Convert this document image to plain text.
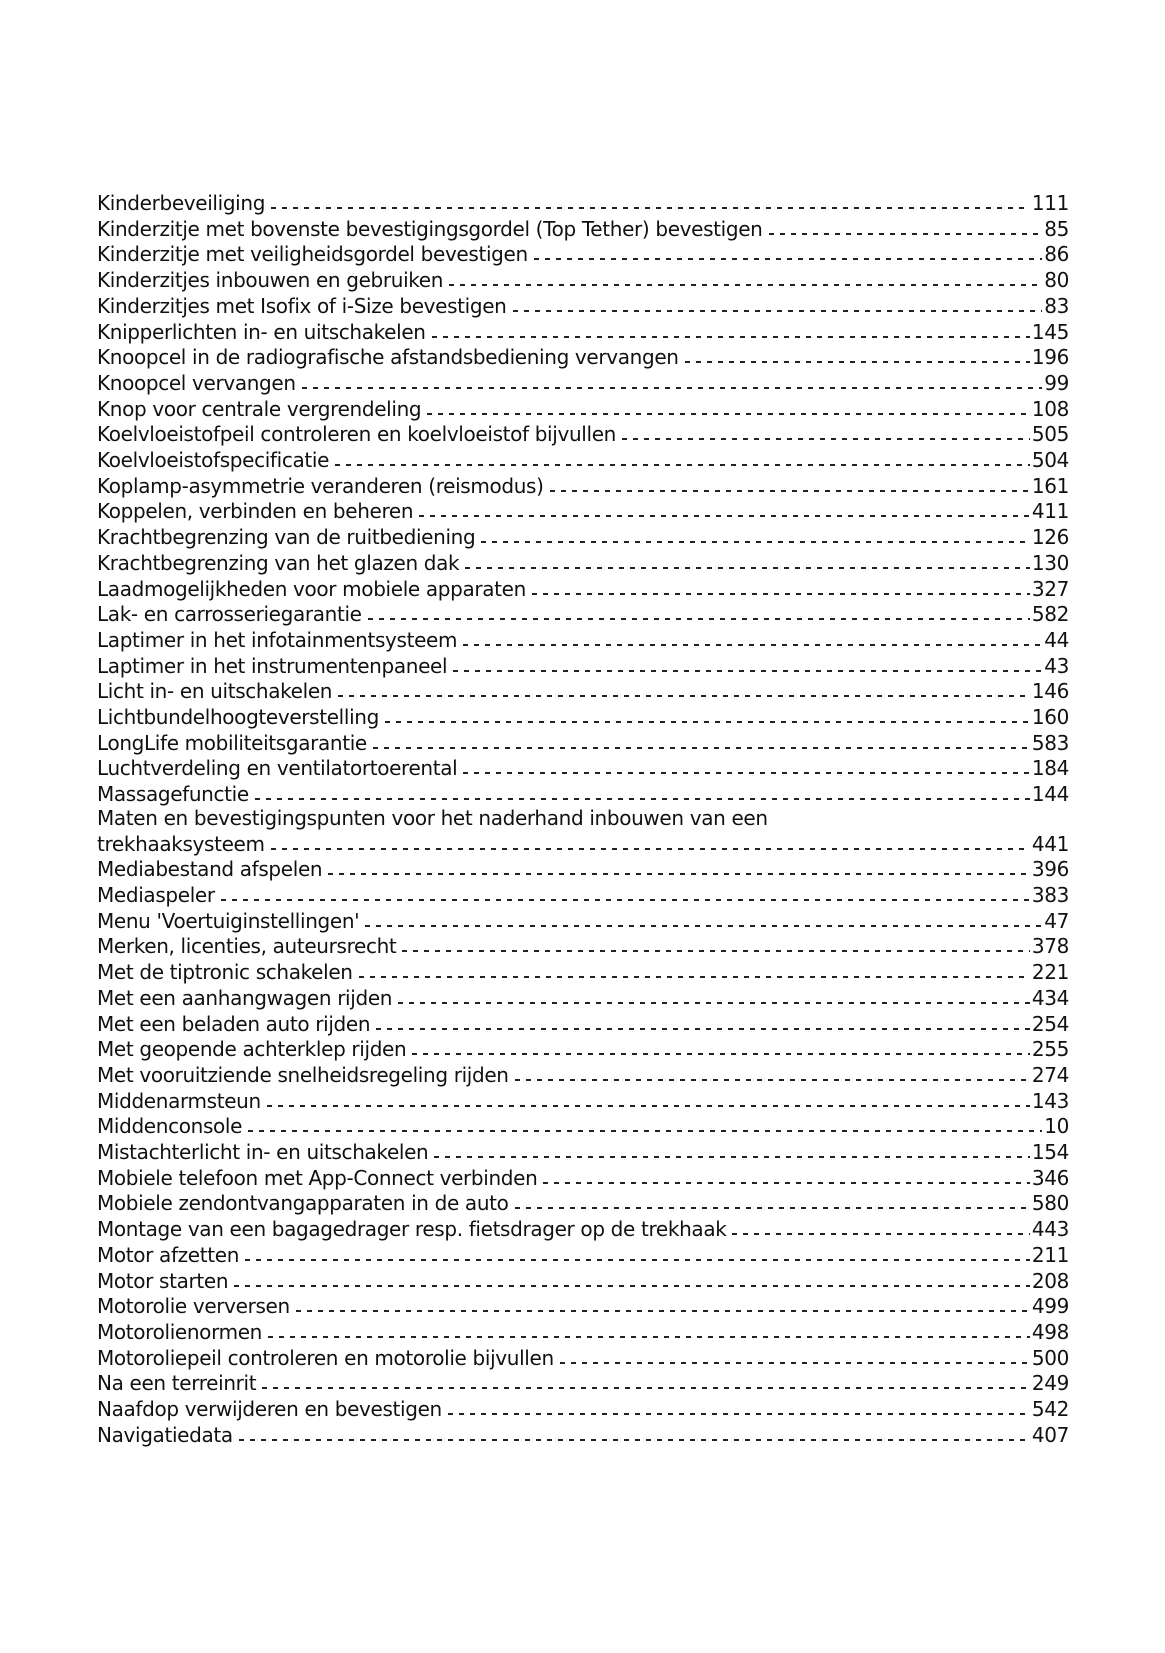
Kinderbeveiliging	111
Kinderzitje met bovenste bevestigingsgordel (Top Tether) bevestigen	85
Kinderzitje met veiligheidsgordel bevestigen	86
Kinderzitjes inbouwen en gebruiken	80
Kinderzitjes met Isofix of i-Size bevestigen	83
Knipperlichten in- en uitschakelen	145
Knoopcel in de radiografische afstandsbediening vervangen	196
Knoopcel vervangen	99
Knop voor centrale vergrendeling	108
Koelvloeistofpeil controleren en koelvloeistof bijvullen	505
Koelvloeistofspecificatie	504
Koplamp-asymmetrie veranderen (reismodus)	161
Koppelen, verbinden en beheren	411
Krachtbegrenzing van de ruitbediening	126
Krachtbegrenzing van het glazen dak	130
Laadmogelijkheden voor mobiele apparaten	327
Lak- en carrosseriegarantie	582
Laptimer in het infotainmentsysteem	44
Laptimer in het instrumentenpaneel	43
Licht in- en uitschakelen	146
Lichtbundelhoogteverstelling	160
LongLife mobiliteitsgarantie	583
Luchtverdeling en ventilatortoerental	184
Massagefunctie	144
Maten en bevestigingspunten voor het naderhand inbouwen van een
trekhaaksysteem	441
Mediabestand afspelen	396
Mediaspeler	383
Menu 'Voertuiginstellingen'	47
Merken, licenties, auteursrecht	378
Met de tiptronic schakelen	221
Met een aanhangwagen rijden	434
Met een beladen auto rijden	254
Met geopende achterklep rijden	255
Met vooruitziende snelheidsregeling rijden	274
Middenarmsteun	143
Middenconsole	10
Mistachterlicht in- en uitschakelen	154
Mobiele telefoon met App-Connect verbinden	346
Mobiele zendontvangapparaten in de auto	580
Montage van een bagagedrager resp. fietsdrager op de trekhaak	443
Motor afzetten	211
Motor starten	208
Motorolie verversen	499
Motorolienormen	498
Motoroliepeil controleren en motorolie bijvullen	500
Na een terreinrit	249
Naafdop verwijderen en bevestigen	542
Navigatiedata	407
